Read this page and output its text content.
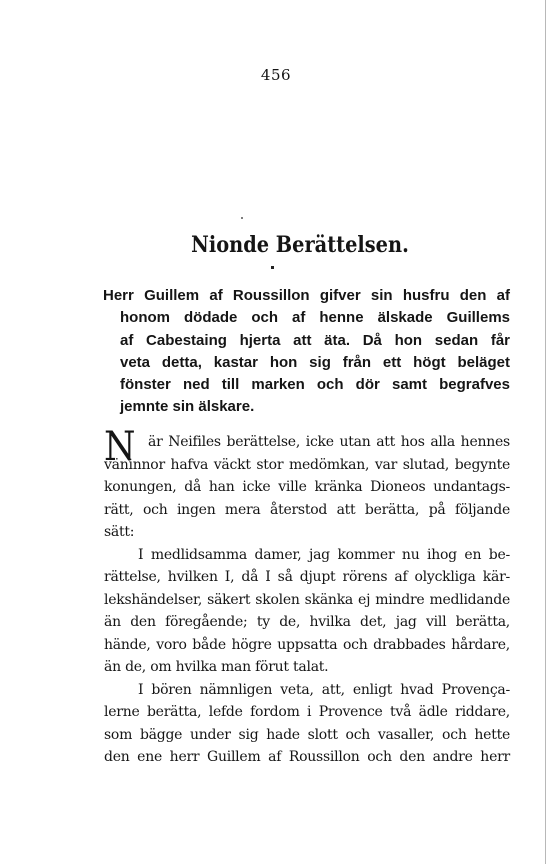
456
Nionde Berättelsen.
Herr Guillem af Roussillon gifver sin husfru den af
honom dödade och af henne älskade Guillems
af Cabestaing hjerta att äta. Då hon sedan får
veta detta, kastar hon sig från ett högt beläget
fönster ned till marken och dör samt begrafves
jemnte sin älskare.
N är Neifiles berättelse, icke utan att hos alla hennes
väninnor hafva väckt stor medömkan, var slutad, begynte
konungen, då han icke ville kränka Dioneos undantags-
rätt, och ingen mera återstod att berätta, på följande
sätt:
I medlidsamma damer, jag kommer nu ihog en be-
rättelse, hvilken I, då I så djupt rörens af olyckliga kär-
lekshändelser, säkert skolen skänka ej mindre medlidande
än den föregående; ty de, hvilka det, jag vill berätta,
hände, voro både högre uppsatta och drabbades hårdare,
än de, om hvilka man förut talat.
I bören nämnligen veta, att, enligt hvad Provençа-
lerne berätta, lefde fordom i Provence två ädle riddare,
som bägge under sig hade slott och vasaller, och hette
den ene herr Guillem af Roussillon och den andre herr
